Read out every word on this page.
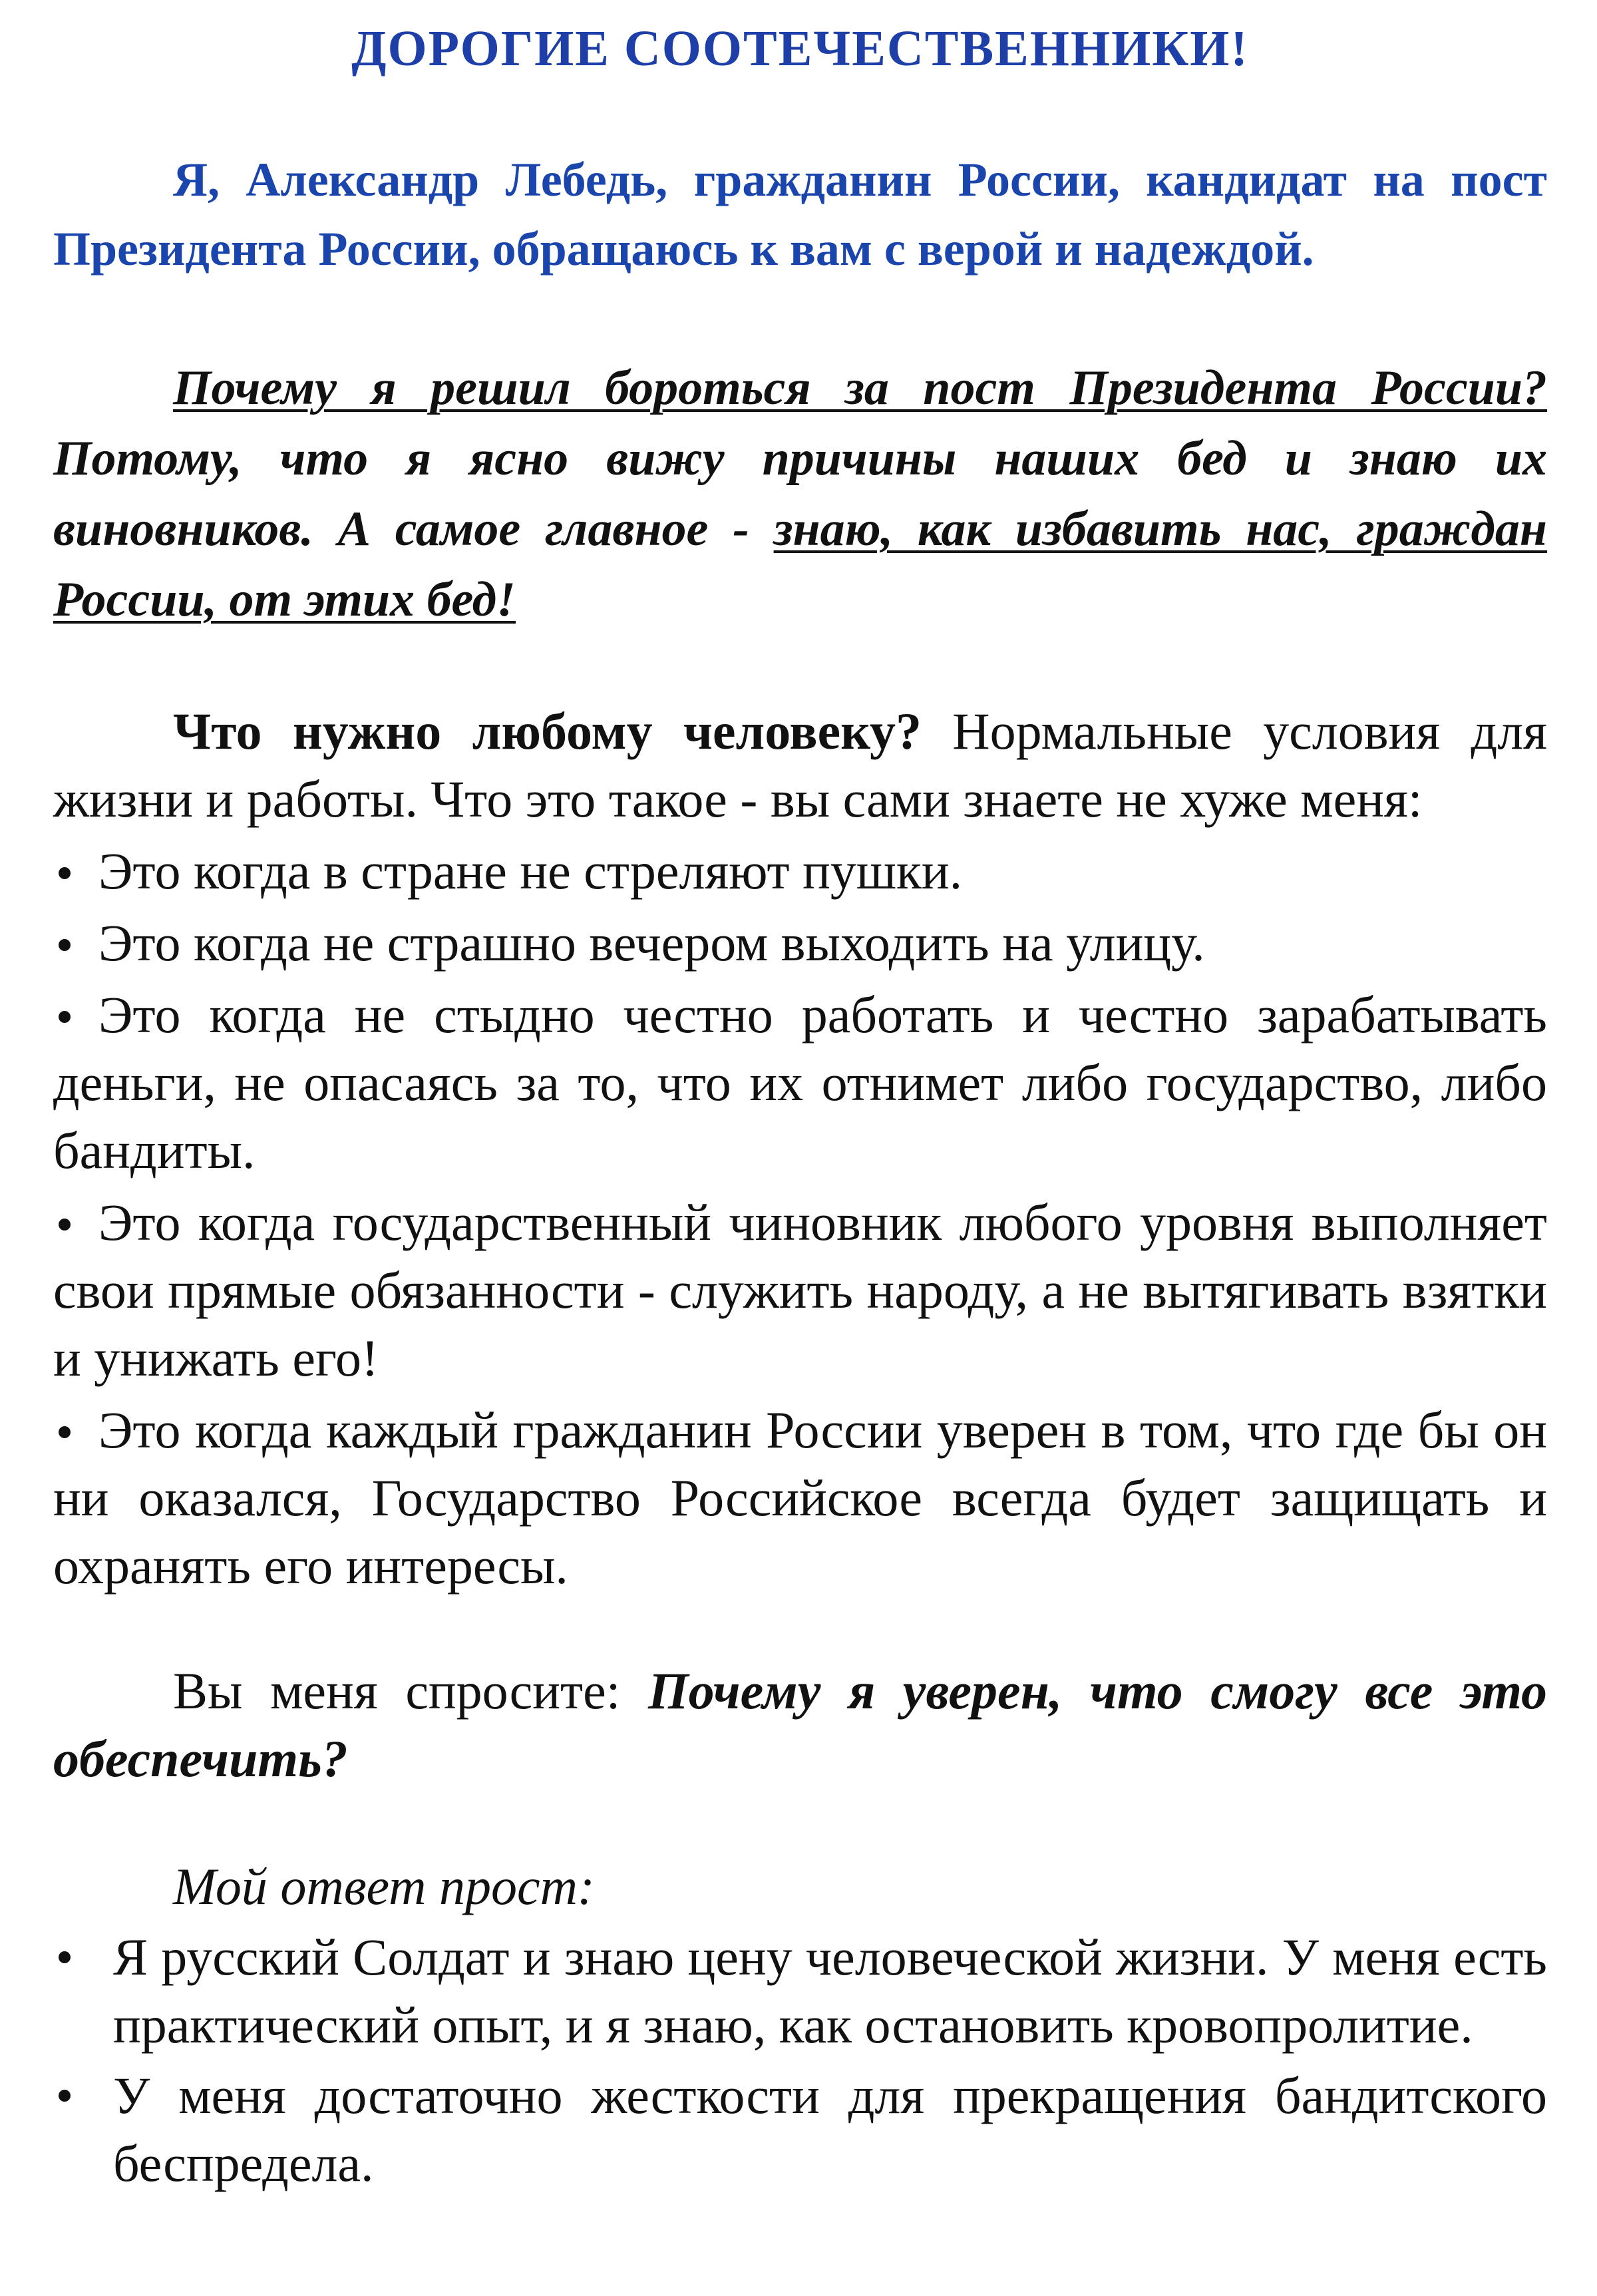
ДОРОГИЕ СООТЕЧЕСТВЕННИКИ!

Я, Александр Лебедь, гражданин России, кандидат на пост Президента России, обращаюсь к вам с верой и надеждой.

Почему я решил бороться за пост Президента России? Потому, что я ясно вижу причины наших бед и знаю их виновников. А самое главное - знаю, как избавить нас, граждан России, от этих бед!

Что нужно любому человеку? Нормальные условия для жизни и работы. Что это такое - вы сами знаете не хуже меня:

Это когда в стране не стреляют пушки.
Это когда не страшно вечером выходить на улицу.
Это когда не стыдно честно работать и честно зарабатывать деньги, не опасаясь за то, что их отнимет либо государство, либо бандиты.
Это когда государственный чиновник любого уровня выполняет свои прямые обязанности - служить народу, а не вытягивать взятки и унижать его!
Это когда каждый гражданин России уверен в том, что где бы он ни оказался, Государство Российское всегда будет защищать и охранять его интересы.

Вы меня спросите: Почему я уверен, что смогу все это обеспечить?

Мой ответ прост:

Я русский Солдат и знаю цену человеческой жизни. У меня есть практический опыт, и я знаю, как остановить кровопролитие.
У меня достаточно жесткости для прекращения бандитского беспредела.
